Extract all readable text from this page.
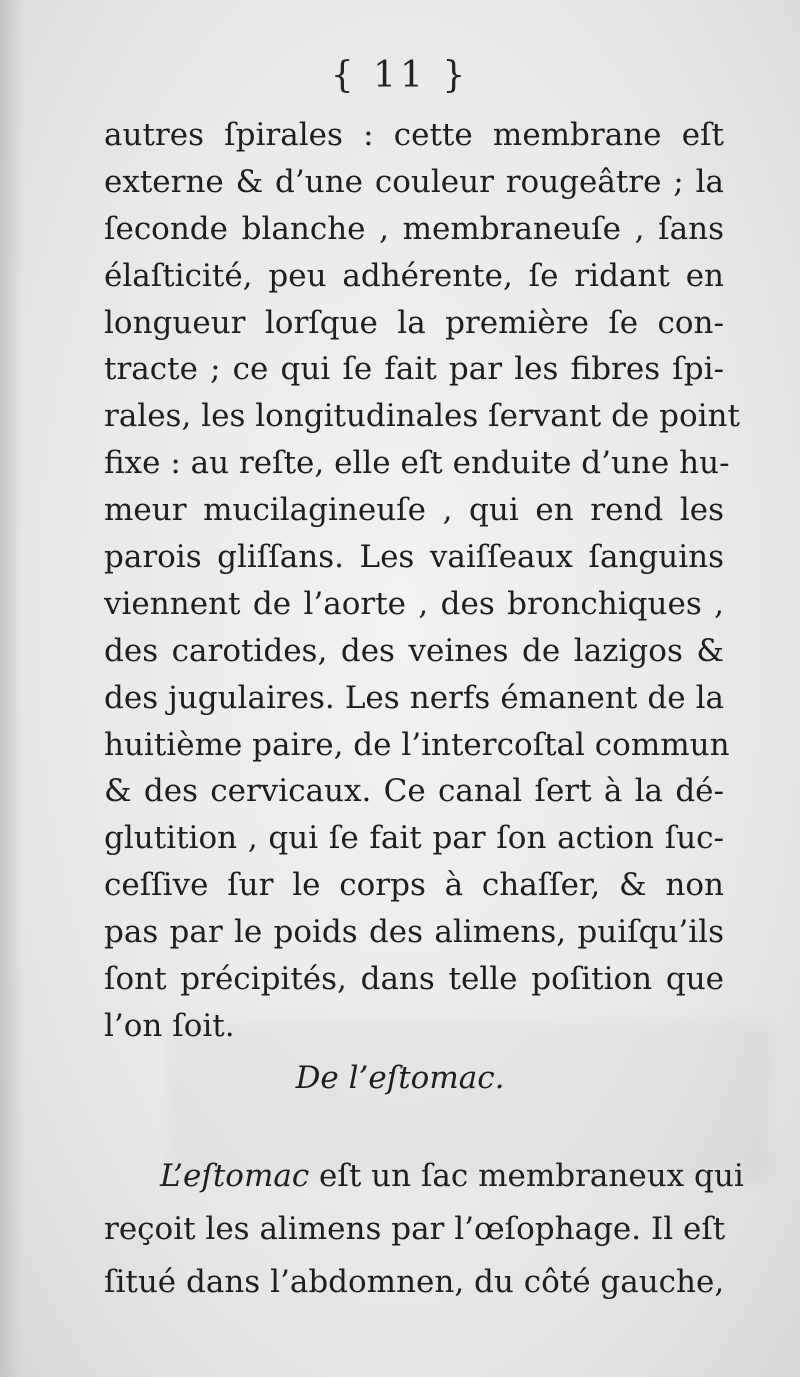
{ 11 }
autres ſpirales : cette membrane eſt
externe & d’une couleur rougeâtre ; la
ſeconde blanche , membraneuſe , ſans
élaſticité, peu adhérente, ſe ridant en
longueur lorſque la première ſe con-
tracte ; ce qui ſe fait par les fibres ſpi-
rales, les longitudinales ſervant de point
fixe : au reſte, elle eſt enduite d’une hu-
meur mucilagineuſe , qui en rend les
parois gliſſans. Les vaiſſeaux ſanguins
viennent de l’aorte , des bronchiques ,
des carotides, des veines de lazigos &
des jugulaires. Les nerfs émanent de la
huitième paire, de l’intercoſtal commun
& des cervicaux. Ce canal ſert à la dé-
glutition , qui ſe fait par ſon action ſuc-
ceſſive ſur le corps à chaſſer, & non
pas par le poids des alimens, puiſqu’ils
ſont précipités, dans telle poſition que
l’on ſoit.
De l’eſtomac.
L’eſtomac eſt un ſac membraneux qui
reçoit les alimens par l’œſophage. Il eſt
ſitué dans l’abdomnen, du côté gauche,
